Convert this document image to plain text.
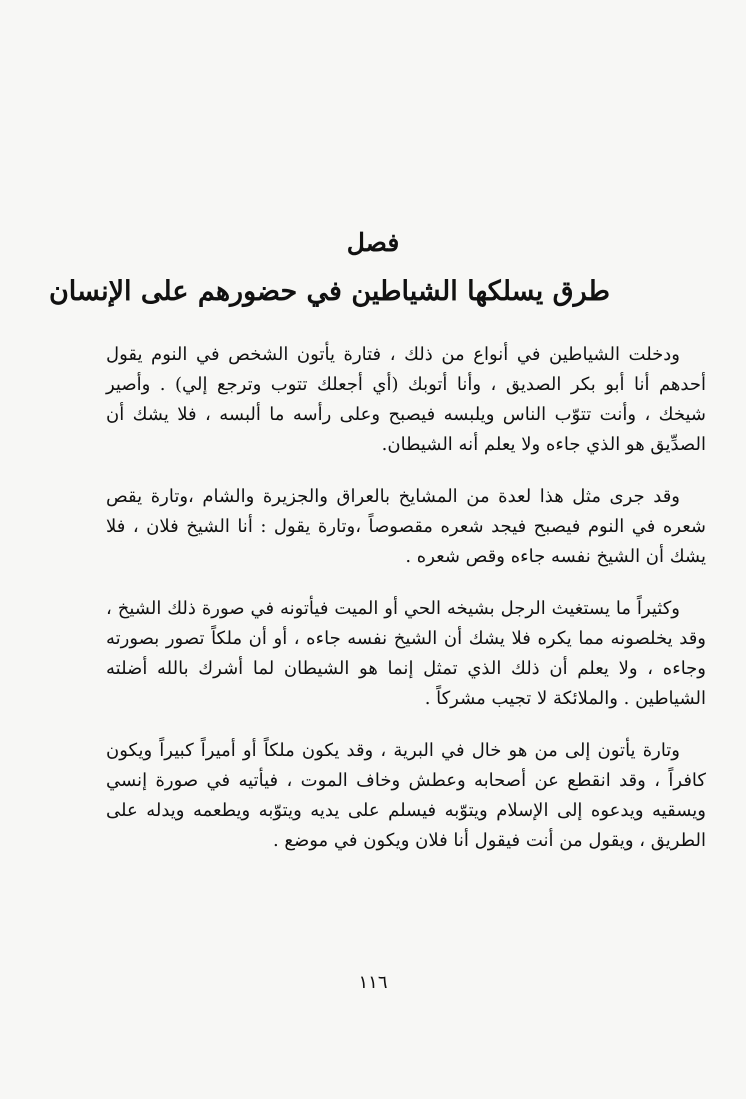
فصل
طرق يسلكها الشياطين في حضورهم على الإنسان

ودخلت الشياطين في أنواع من ذلك ، فتارة يأتون الشخص في النوم يقول أحدهم أنا أبو بكر الصديق ، وأنا أتوبك (أي أجعلك تتوب وترجع إلي) . وأصير شيخك ، وأنت تتوّب الناس ويلبسه فيصبح وعلى رأسه ما ألبسه ، فلا يشك أن الصدِّيق هو الذي جاءه ولا يعلم أنه الشيطان.

وقد جرى مثل هذا لعدة من المشايخ بالعراق والجزيرة والشام ،وتارة يقص شعره في النوم فيصبح فيجد شعره مقصوصاً ،وتارة يقول : أنا الشيخ فلان ، فلا يشك أن الشيخ نفسه جاءه وقص شعره .

وكثيراً ما يستغيث الرجل بشيخه الحي أو الميت فيأتونه في صورة ذلك الشيخ ، وقد يخلصونه مما يكره فلا يشك أن الشيخ نفسه جاءه ، أو أن ملكاً تصور بصورته وجاءه ، ولا يعلم أن ذلك الذي تمثل إنما هو الشيطان لما أشرك بالله أضلته الشياطين . والملائكة لا تجيب مشركاً .

وتارة يأتون إلى من هو خال في البرية ، وقد يكون ملكاً أو أميراً كبيراً ويكون كافراً ، وقد انقطع عن أصحابه وعطش وخاف الموت ، فيأتيه في صورة إنسي ويسقيه ويدعوه إلى الإسلام ويتوّبه فيسلم على يديه ويتوّبه ويطعمه ويدله على الطريق ، ويقول من أنت فيقول أنا فلان ويكون في موضع .

١١٦
